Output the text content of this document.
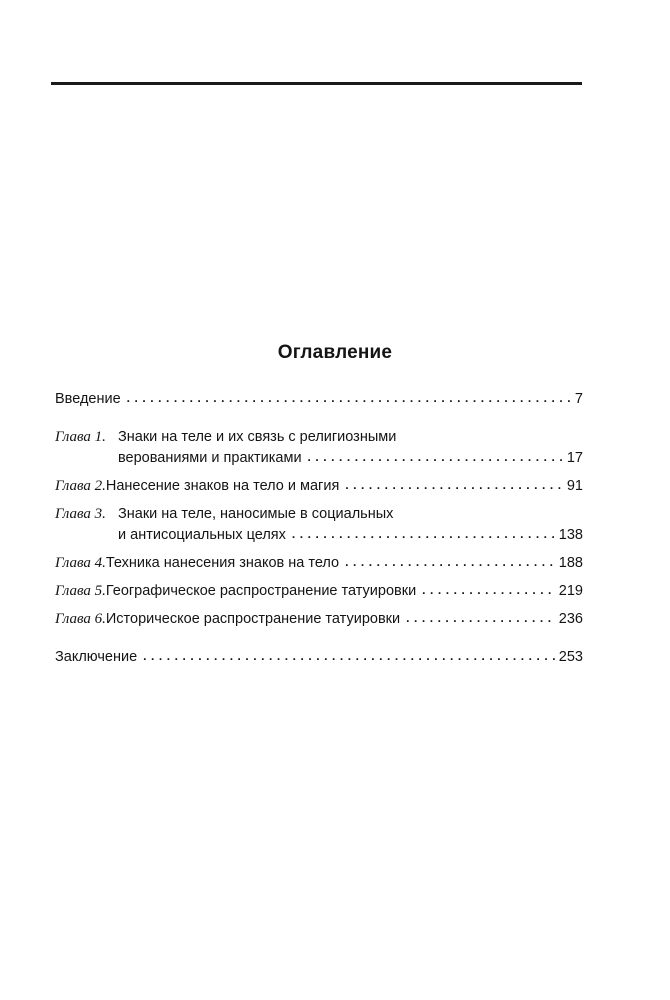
Оглавление
Введение . . .	7
Глава 1. Знаки на теле и их связь с религиозными
верованиями и практиками . . .	17
Глава 2. Нанесение знаков на тело и магия . . .	91
Глава 3. Знаки на теле, наносимые в социальных
и антисоциальных целях . . .	138
Глава 4. Техника нанесения знаков на тело . . .	188
Глава 5. Географическое распространение татуировки . . .	219
Глава 6. Историческое распространение татуировки . . .	236
Заключение . . .	253
